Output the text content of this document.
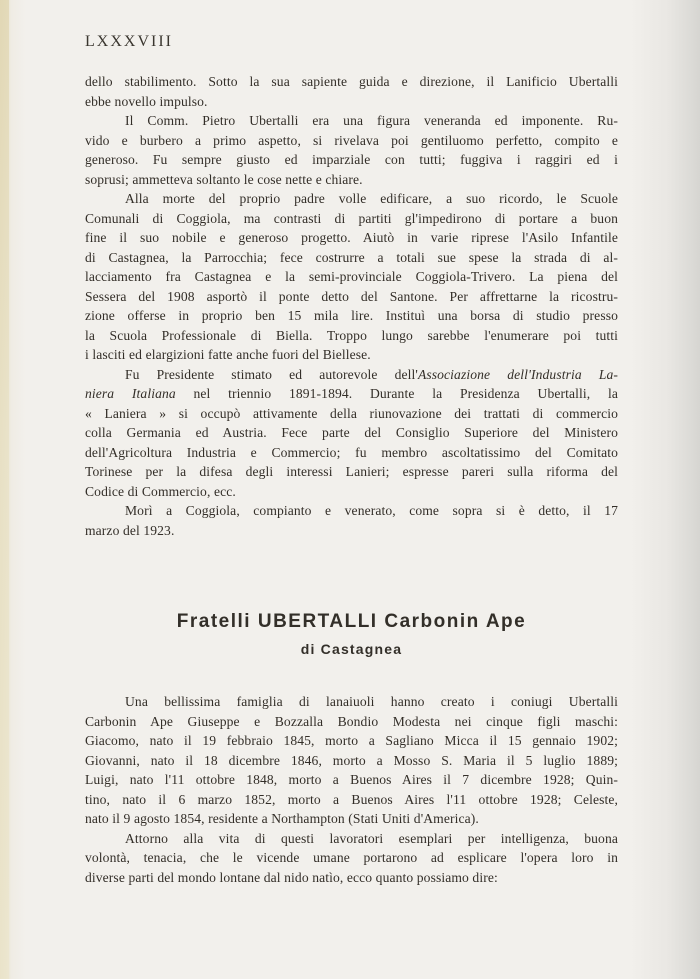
LXXXVIII
dello stabilimento. Sotto la sua sapiente guida e direzione, il Lanificio Ubertalli
ebbe novello impulso.
Il Comm. Pietro Ubertalli era una figura veneranda ed imponente. Ru-
vido e burbero a primo aspetto, si rivelava poi gentiluomo perfetto, compito e
generoso. Fu sempre giusto ed imparziale con tutti; fuggiva i raggiri ed i
soprusi; ammetteva soltanto le cose nette e chiare.
Alla morte del proprio padre volle edificare, a suo ricordo, le Scuole
Comunali di Coggiola, ma contrasti di partiti gl'impedirono di portare a buon
fine il suo nobile e generoso progetto. Aiutò in varie riprese l'Asilo Infantile
di Castagnea, la Parrocchia; fece costrurre a totali sue spese la strada di al-
lacciamento fra Castagnea e la semi-provinciale Coggiola-Trivero. La piena del
Sessera del 1908 asportò il ponte detto del Santone. Per affrettarne la ricostru-
zione offerse in proprio ben 15 mila lire. Instituì una borsa di studio presso
la Scuola Professionale di Biella. Troppo lungo sarebbe l'enumerare poi tutti
i lasciti ed elargizioni fatte anche fuori del Biellese.
Fu Presidente stimato ed autorevole dell'Associazione dell'Industria La-
niera Italiana nel triennio 1891-1894. Durante la Presidenza Ubertalli, la
« Laniera » si occupò attivamente della riunovazione dei trattati di commercio
colla Germania ed Austria. Fece parte del Consiglio Superiore del Ministero
dell'Agricoltura Industria e Commercio; fu membro ascoltatissimo del Comitato
Torinese per la difesa degli interessi Lanieri; espresse pareri sulla riforma del
Codice di Commercio, ecc.
Morì a Coggiola, compianto e venerato, come sopra si è detto, il 17
marzo del 1923.
Fratelli UBERTALLI Carbonin Ape
di Castagnea
Una bellissima famiglia di lanaiuoli hanno creato i coniugi Ubertalli
Carbonin Ape Giuseppe e Bozzalla Bondio Modesta nei cinque figli maschi:
Giacomo, nato il 19 febbraio 1845, morto a Sagliano Micca il 15 gennaio 1902;
Giovanni, nato il 18 dicembre 1846, morto a Mosso S. Maria il 5 luglio 1889;
Luigi, nato l'11 ottobre 1848, morto a Buenos Aires il 7 dicembre 1928; Quin-
tino, nato il 6 marzo 1852, morto a Buenos Aires l'11 ottobre 1928; Celeste,
nato il 9 agosto 1854, residente a Northampton (Stati Uniti d'America).
Attorno alla vita di questi lavoratori esemplari per intelligenza, buona
volontà, tenacia, che le vicende umane portarono ad esplicare l'opera loro in
diverse parti del mondo lontane dal nido natìo, ecco quanto possiamo dire:
